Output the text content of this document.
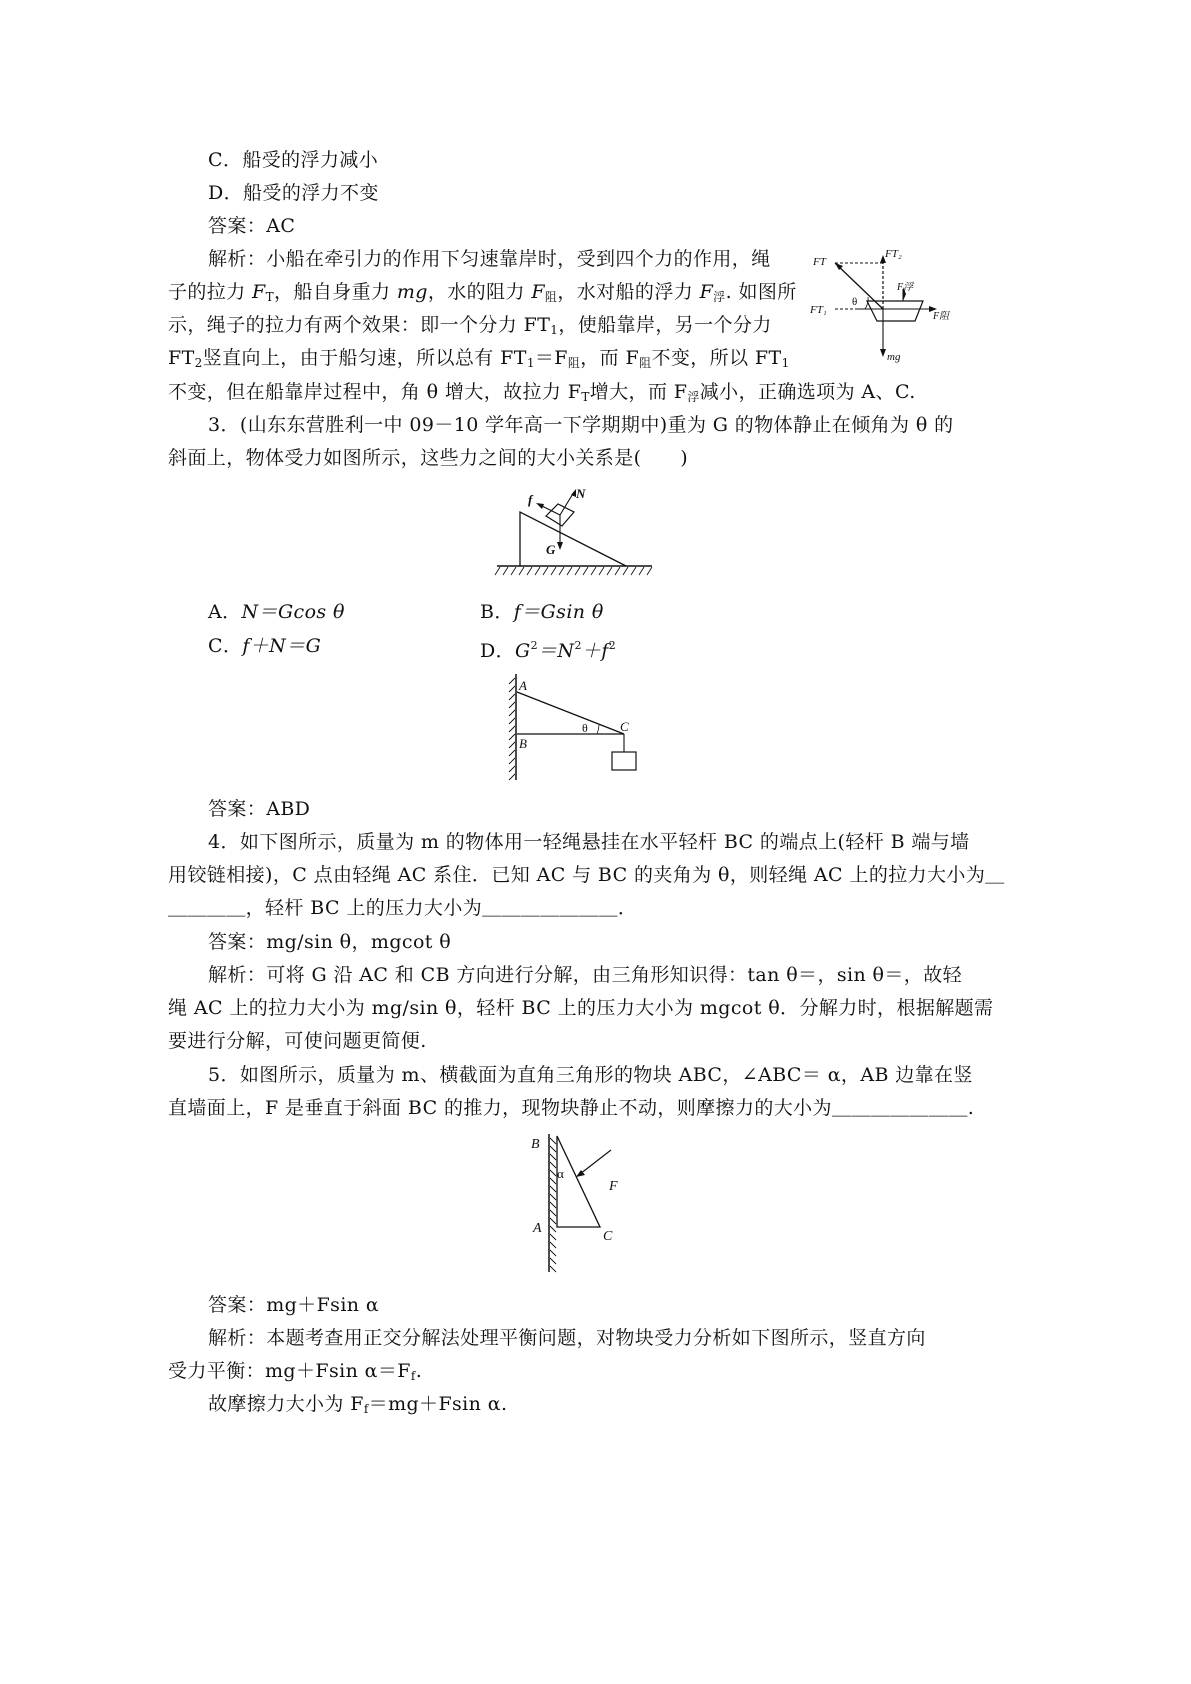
C．船受的浮力减小
D．船受的浮力不变
答案：AC
解析：小船在牵引力的作用下匀速靠岸时，受到四个力的作用，绳
子的拉力 $F_T$，船自身重力 mg，水的阻力 $F_阻$，水对船的浮力 $F_浮$. 如图所
示，绳子的拉力有两个效果：即一个分力 $FT_1$，使船靠岸，另一个分力
$FT_2$竖直向上，由于船匀速，所以总有 $FT_1=F_阻$，而 $F_阻$不变，所以 $FT_1$
不变，但在船靠岸过程中，角 θ 增大，故拉力 $F_T$增大，而 $F_浮$减小，正确选项为 A、C.
FT
FT₂
F浮
FT₁
θ
F阻
mg
3．(山东东营胜利一中 09－10 学年高一下学期期中)重为 G 的物体静止在倾角为 θ 的
斜面上，物体受力如图所示，这些力之间的大小关系是(　　)
f	N
G
A．N＝Gcos θ	B．f＝Gsin θ
C．f＋N＝G	D．$G^2=N^2+f^2$
A
B
C
θ
答案：ABD
4．如下图所示，质量为 m 的物体用一轻绳悬挂在水平轻杆 BC 的端点上(轻杆 B 端与墙
用铰链相接)，C 点由轻绳 AC 系住．已知 AC 与 BC 的夹角为 θ，则轻绳 AC 上的拉力大小为＿
＿＿＿＿，轻杆 BC 上的压力大小为＿＿＿＿＿＿＿．
答案：mg/sin θ，mgcot θ
解析：可将 G 沿 AC 和 CB 方向进行分解，由三角形知识得：tan θ＝，sin θ＝，故轻
绳 AC 上的拉力大小为 mg/sin θ，轻杆 BC 上的压力大小为 mgcot θ．分解力时，根据解题需
要进行分解，可使问题更简便.
5．如图所示，质量为 m、横截面为直角三角形的物块 ABC，∠ABC＝ α，AB 边靠在竖
直墙面上，F 是垂直于斜面 BC 的推力，现物块静止不动，则摩擦力的大小为＿＿＿＿＿＿＿.
B
α
F
A
C
答案：mg＋Fsin α
解析：本题考查用正交分解法处理平衡问题，对物块受力分析如下图所示，竖直方向
受力平衡：mg＋Fsin $\alpha=F_f$.
故摩擦力大小为 $F_f=mg+Fsin$ α.
